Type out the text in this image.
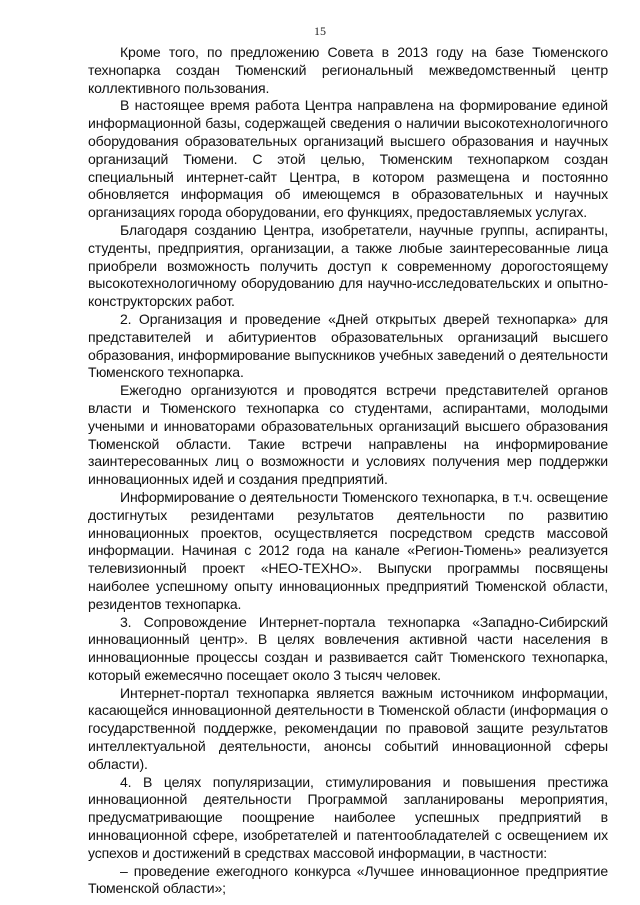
15

Кроме того, по предложению Совета в 2013 году на базе Тюменского технопарка создан Тюменский региональный межведомственный центр коллективного пользования.

В настоящее время работа Центра направлена на формирование единой информационной базы, содержащей сведения о наличии высокотехнологичного оборудования образовательных организаций высшего образования и научных организаций Тюмени. С этой целью, Тюменским технопарком создан специальный интернет-сайт Центра, в котором размещена и постоянно обновляется информация об имеющемся в образовательных и научных организациях города оборудовании, его функциях, предоставляемых услугах.

Благодаря созданию Центра, изобретатели, научные группы, аспиранты, студенты, предприятия, организации, а также любые заинтересованные лица приобрели возможность получить доступ к современному дорогостоящему высокотехнологичному оборудованию для научно-исследовательских и опытно-конструкторских работ.

2. Организация и проведение «Дней открытых дверей технопарка» для представителей и абитуриентов образовательных организаций высшего образования, информирование выпускников учебных заведений о деятельности Тюменского технопарка.

Ежегодно организуются и проводятся встречи представителей органов власти и Тюменского технопарка со студентами, аспирантами, молодыми учеными и инноваторами образовательных организаций высшего образования Тюменской области. Такие встречи направлены на информирование заинтересованных лиц о возможности и условиях получения мер поддержки инновационных идей и создания предприятий.

Информирование о деятельности Тюменского технопарка, в т.ч. освещение достигнутых резидентами результатов деятельности по развитию инновационных проектов, осуществляется посредством средств массовой информации. Начиная с 2012 года на канале «Регион-Тюмень» реализуется телевизионный проект «НЕО-ТЕХНО». Выпуски программы посвящены наиболее успешному опыту инновационных предприятий Тюменской области, резидентов технопарка.

3. Сопровождение Интернет-портала технопарка «Западно-Сибирский инновационный центр». В целях вовлечения активной части населения в инновационные процессы создан и развивается сайт Тюменского технопарка, который ежемесячно посещает около 3 тысяч человек.

Интернет-портал технопарка является важным источником информации, касающейся инновационной деятельности в Тюменской области (информация о государственной поддержке, рекомендации по правовой защите результатов интеллектуальной деятельности, анонсы событий инновационной сферы области).

4. В целях популяризации, стимулирования и повышения престижа инновационной деятельности Программой запланированы мероприятия, предусматривающие поощрение наиболее успешных предприятий в инновационной сфере, изобретателей и патентообладателей с освещением их успехов и достижений в средствах массовой информации, в частности:

– проведение ежегодного конкурса «Лучшее инновационное предприятие Тюменской области»;
